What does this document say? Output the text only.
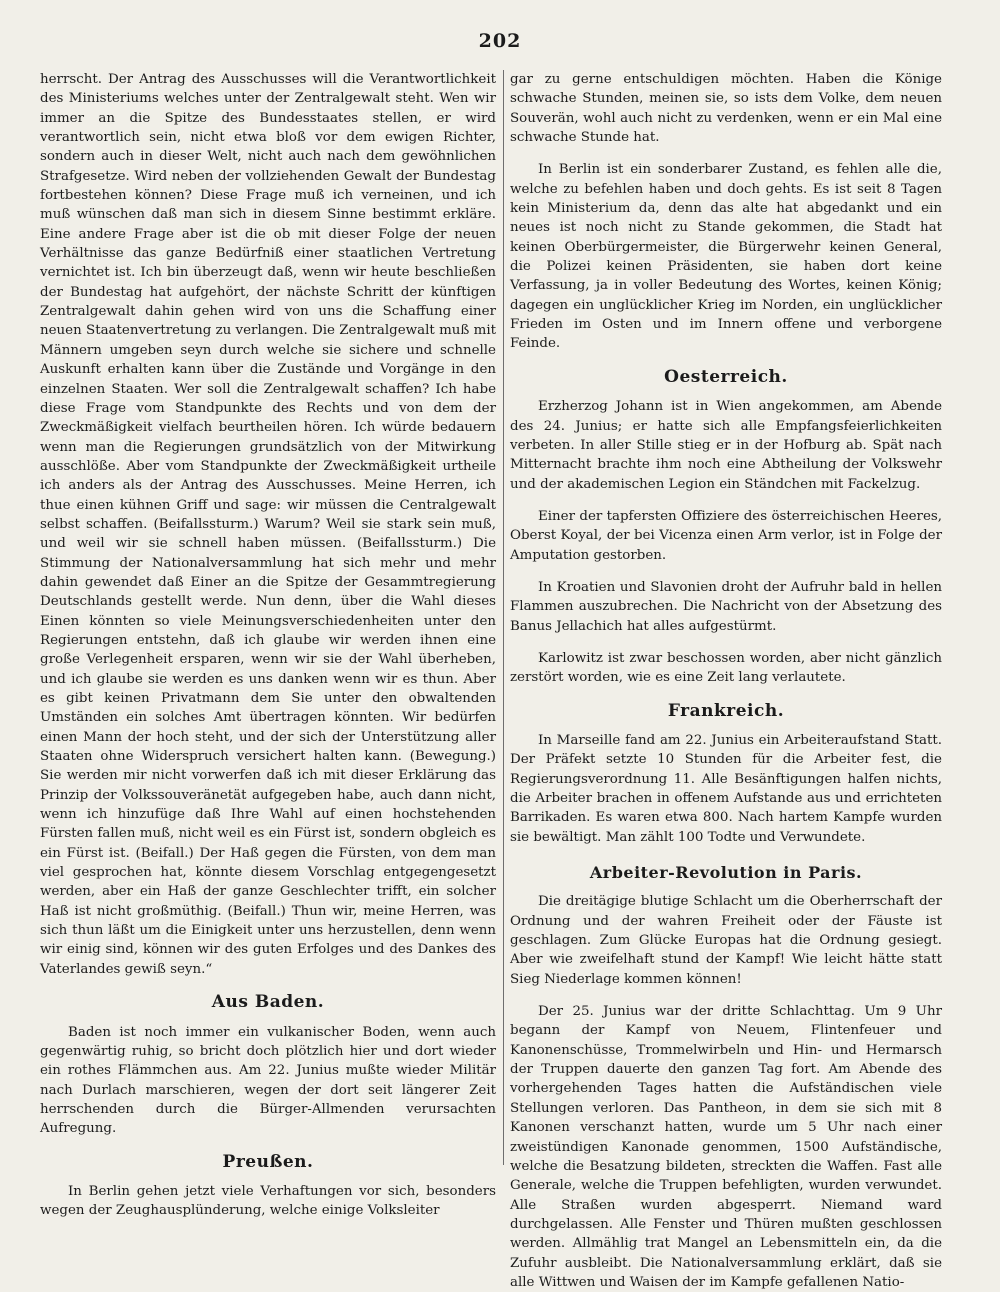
202

herrscht. Der Antrag des Ausschusses will die Verantwortlichkeit des Ministeriums welches unter der Zentralgewalt steht. Wen wir immer an die Spitze des Bundesstaates stellen, er wird verantwortlich sein, nicht etwa bloß vor dem ewigen Richter, sondern auch in dieser Welt, nicht auch nach dem gewöhnlichen Strafgesetze. Wird neben der vollziehenden Gewalt der Bundestag fortbestehen können? Diese Frage muß ich verneinen, und ich muß wünschen daß man sich in diesem Sinne bestimmt erkläre. Eine andere Frage aber ist die ob mit dieser Folge der neuen Verhältnisse das ganze Bedürfniß einer staatlichen Vertretung vernichtet ist. Ich bin überzeugt daß, wenn wir heute beschließen der Bundestag hat aufgehört, der nächste Schritt der künftigen Zentralgewalt dahin gehen wird von uns die Schaffung einer neuen Staatenvertretung zu verlangen. Die Zentralgewalt muß mit Männern umgeben seyn durch welche sie sichere und schnelle Auskunft erhalten kann über die Zustände und Vorgänge in den einzelnen Staaten. Wer soll die Zentralgewalt schaffen? Ich habe diese Frage vom Standpunkte des Rechts und von dem der Zweckmäßigkeit vielfach beurtheilen hören. Ich würde bedauern wenn man die Regierungen grundsätzlich von der Mitwirkung ausschlöße. Aber vom Standpunkte der Zweckmäßigkeit urtheile ich anders als der Antrag des Ausschusses. Meine Herren, ich thue einen kühnen Griff und sage: wir müssen die Centralgewalt selbst schaffen. (Beifallssturm.) Warum? Weil sie stark sein muß, und weil wir sie schnell haben müssen. (Beifallssturm.) Die Stimmung der Nationalversammlung hat sich mehr und mehr dahin gewendet daß Einer an die Spitze der Gesammtregierung Deutschlands gestellt werde. Nun denn, über die Wahl dieses Einen könnten so viele Meinungsverschiedenheiten unter den Regierungen entstehn, daß ich glaube wir werden ihnen eine große Verlegenheit ersparen, wenn wir sie der Wahl überheben, und ich glaube sie werden es uns danken wenn wir es thun. Aber es gibt keinen Privatmann dem Sie unter den obwaltenden Umständen ein solches Amt übertragen könnten. Wir bedürfen einen Mann der hoch steht, und der sich der Unterstützung aller Staaten ohne Widerspruch versichert halten kann. (Bewegung.) Sie werden mir nicht vorwerfen daß ich mit dieser Erklärung das Prinzip der Volkssouveränetät aufgegeben habe, auch dann nicht, wenn ich hinzufüge daß Ihre Wahl auf einen hochstehenden Fürsten fallen muß, nicht weil es ein Fürst ist, sondern obgleich es ein Fürst ist. (Beifall.) Der Haß gegen die Fürsten, von dem man viel gesprochen hat, könnte diesem Vorschlag entgegengesetzt werden, aber ein Haß der ganze Geschlechter trifft, ein solcher Haß ist nicht großmüthig. (Beifall.) Thun wir, meine Herren, was sich thun läßt um die Einigkeit unter uns herzustellen, denn wenn wir einig sind, können wir des guten Erfolges und des Dankes des Vaterlandes gewiß seyn.“

Aus Baden.

Baden ist noch immer ein vulkanischer Boden, wenn auch gegenwärtig ruhig, so bricht doch plötzlich hier und dort wieder ein rothes Flämmchen aus. Am 22. Junius mußte wieder Militär nach Durlach marschieren, wegen der dort seit längerer Zeit herrschenden durch die Bürger-Allmenden verursachten Aufregung.

Preußen.

In Berlin gehen jetzt viele Verhaftungen vor sich, besonders wegen der Zeughausplünderung, welche einige Volksleiter

gar zu gerne entschuldigen möchten. Haben die Könige schwache Stunden, meinen sie, so ists dem Volke, dem neuen Souverän, wohl auch nicht zu verdenken, wenn er ein Mal eine schwache Stunde hat.

In Berlin ist ein sonderbarer Zustand, es fehlen alle die, welche zu befehlen haben und doch gehts. Es ist seit 8 Tagen kein Ministerium da, denn das alte hat abgedankt und ein neues ist noch nicht zu Stande gekommen, die Stadt hat keinen Oberbürgermeister, die Bürgerwehr keinen General, die Polizei keinen Präsidenten, sie haben dort keine Verfassung, ja in voller Bedeutung des Wortes, keinen König; dagegen ein unglücklicher Krieg im Norden, ein unglücklicher Frieden im Osten und im Innern offene und verborgene Feinde.

Oesterreich.

Erzherzog Johann ist in Wien angekommen, am Abende des 24. Junius; er hatte sich alle Empfangsfeierlichkeiten verbeten. In aller Stille stieg er in der Hofburg ab. Spät nach Mitternacht brachte ihm noch eine Abtheilung der Volkswehr und der akademischen Legion ein Ständchen mit Fackelzug.

Einer der tapfersten Offiziere des österreichischen Heeres, Oberst Koyal, der bei Vicenza einen Arm verlor, ist in Folge der Amputation gestorben.

In Kroatien und Slavonien droht der Aufruhr bald in hellen Flammen auszubrechen. Die Nachricht von der Absetzung des Banus Jellachich hat alles aufgestürmt.

Karlowitz ist zwar beschossen worden, aber nicht gänzlich zerstört worden, wie es eine Zeit lang verlautete.

Frankreich.

In Marseille fand am 22. Junius ein Arbeiteraufstand Statt. Der Präfekt setzte 10 Stunden für die Arbeiter fest, die Regierungsverordnung 11. Alle Besänftigungen halfen nichts, die Arbeiter brachen in offenem Aufstande aus und errichteten Barrikaden. Es waren etwa 800. Nach hartem Kampfe wurden sie bewältigt. Man zählt 100 Todte und Verwundete.

Arbeiter-Revolution in Paris.

Die dreitägige blutige Schlacht um die Oberherrschaft der Ordnung und der wahren Freiheit oder der Fäuste ist geschlagen. Zum Glücke Europas hat die Ordnung gesiegt. Aber wie zweifelhaft stund der Kampf! Wie leicht hätte statt Sieg Niederlage kommen können!

Der 25. Junius war der dritte Schlachttag. Um 9 Uhr begann der Kampf von Neuem, Flintenfeuer und Kanonenschüsse, Trommelwirbeln und Hin- und Hermarsch der Truppen dauerte den ganzen Tag fort. Am Abende des vorhergehenden Tages hatten die Aufständischen viele Stellungen verloren. Das Pantheon, in dem sie sich mit 8 Kanonen verschanzt hatten, wurde um 5 Uhr nach einer zweistündigen Kanonade genommen, 1500 Aufständische, welche die Besatzung bildeten, streckten die Waffen. Fast alle Generale, welche die Truppen befehligten, wurden verwundet. Alle Straßen wurden abgesperrt. Niemand ward durchgelassen. Alle Fenster und Thüren mußten geschlossen werden. Allmählig trat Mangel an Lebensmitteln ein, da die Zufuhr ausbleibt. Die Nationalversammlung erklärt, daß sie alle Wittwen und Waisen der im Kampfe gefallenen Natio-
